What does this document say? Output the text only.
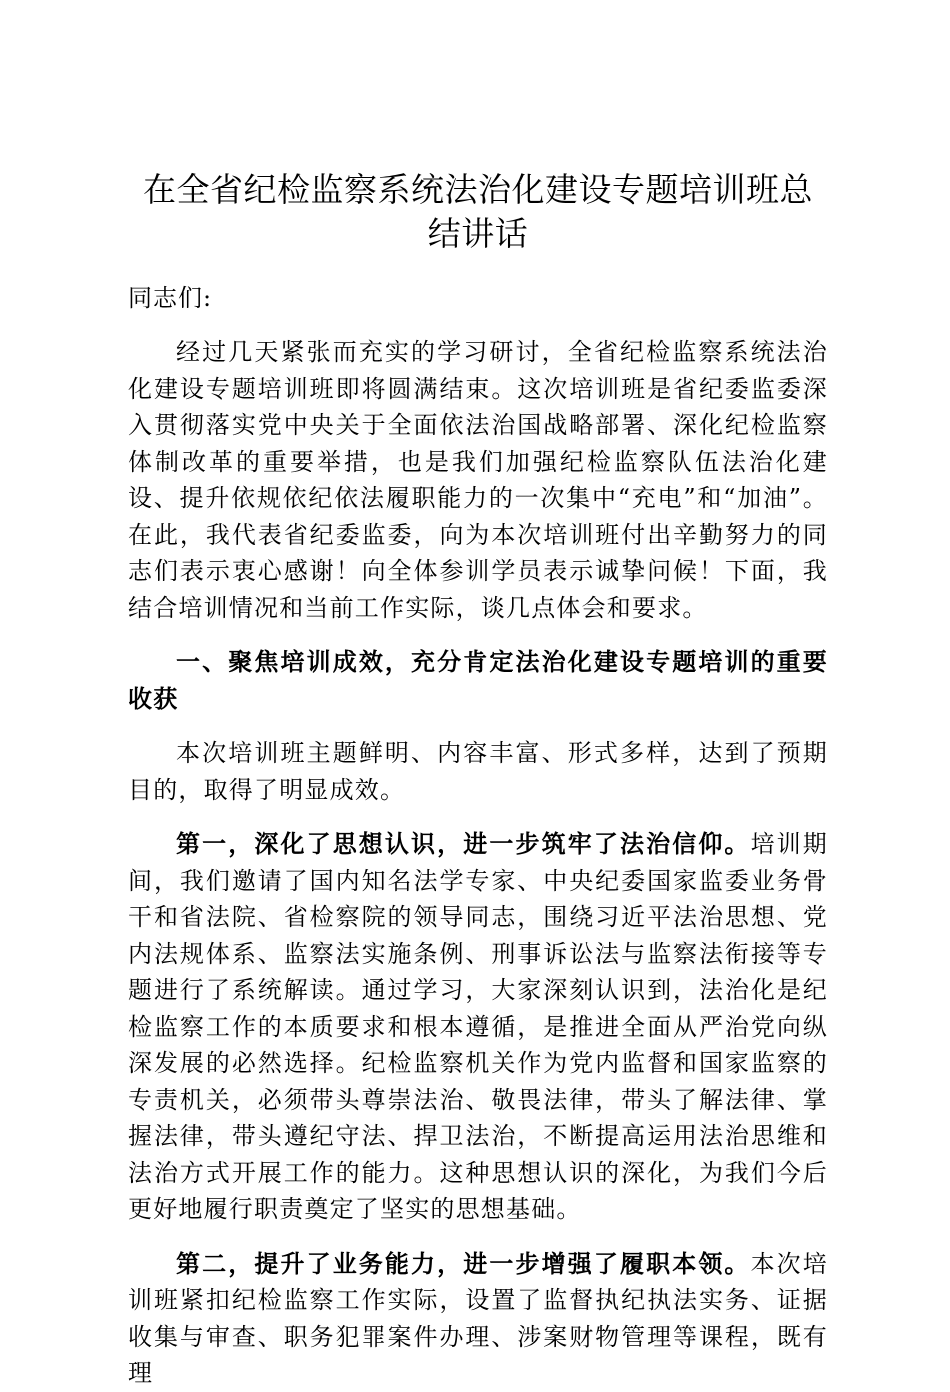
在全省纪检监察系统法治化建设专题培训班总结讲话

同志们:

经过几天紧张而充实的学习研讨，全省纪检监察系统法治化建设专题培训班即将圆满结束。这次培训班是省纪委监委深入贯彻落实党中央关于全面依法治国战略部署、深化纪检监察体制改革的重要举措，也是我们加强纪检监察队伍法治化建设、提升依规依纪依法履职能力的一次集中“充电”和“加油”。在此，我代表省纪委监委，向为本次培训班付出辛勤努力的同志们表示衷心感谢！向全体参训学员表示诚挚问候！下面，我结合培训情况和当前工作实际，谈几点体会和要求。

一、聚焦培训成效，充分肯定法治化建设专题培训的重要收获

本次培训班主题鲜明、内容丰富、形式多样，达到了预期目的，取得了明显成效。

第一，深化了思想认识，进一步筑牢了法治信仰。培训期间，我们邀请了国内知名法学专家、中央纪委国家监委业务骨干和省法院、省检察院的领导同志，围绕习近平法治思想、党内法规体系、监察法实施条例、刑事诉讼法与监察法衔接等专题进行了系统解读。通过学习，大家深刻认识到，法治化是纪检监察工作的本质要求和根本遵循，是推进全面从严治党向纵深发展的必然选择。纪检监察机关作为党内监督和国家监察的专责机关，必须带头尊崇法治、敬畏法律，带头了解法律、掌握法律，带头遵纪守法、捍卫法治，不断提高运用法治思维和法治方式开展工作的能力。这种思想认识的深化，为我们今后更好地履行职责奠定了坚实的思想基础。

第二，提升了业务能力，进一步增强了履职本领。本次培训班紧扣纪检监察工作实际，设置了监督执纪执法实务、证据收集与审查、职务犯罪案件办理、涉案财物管理等课程，既有理
